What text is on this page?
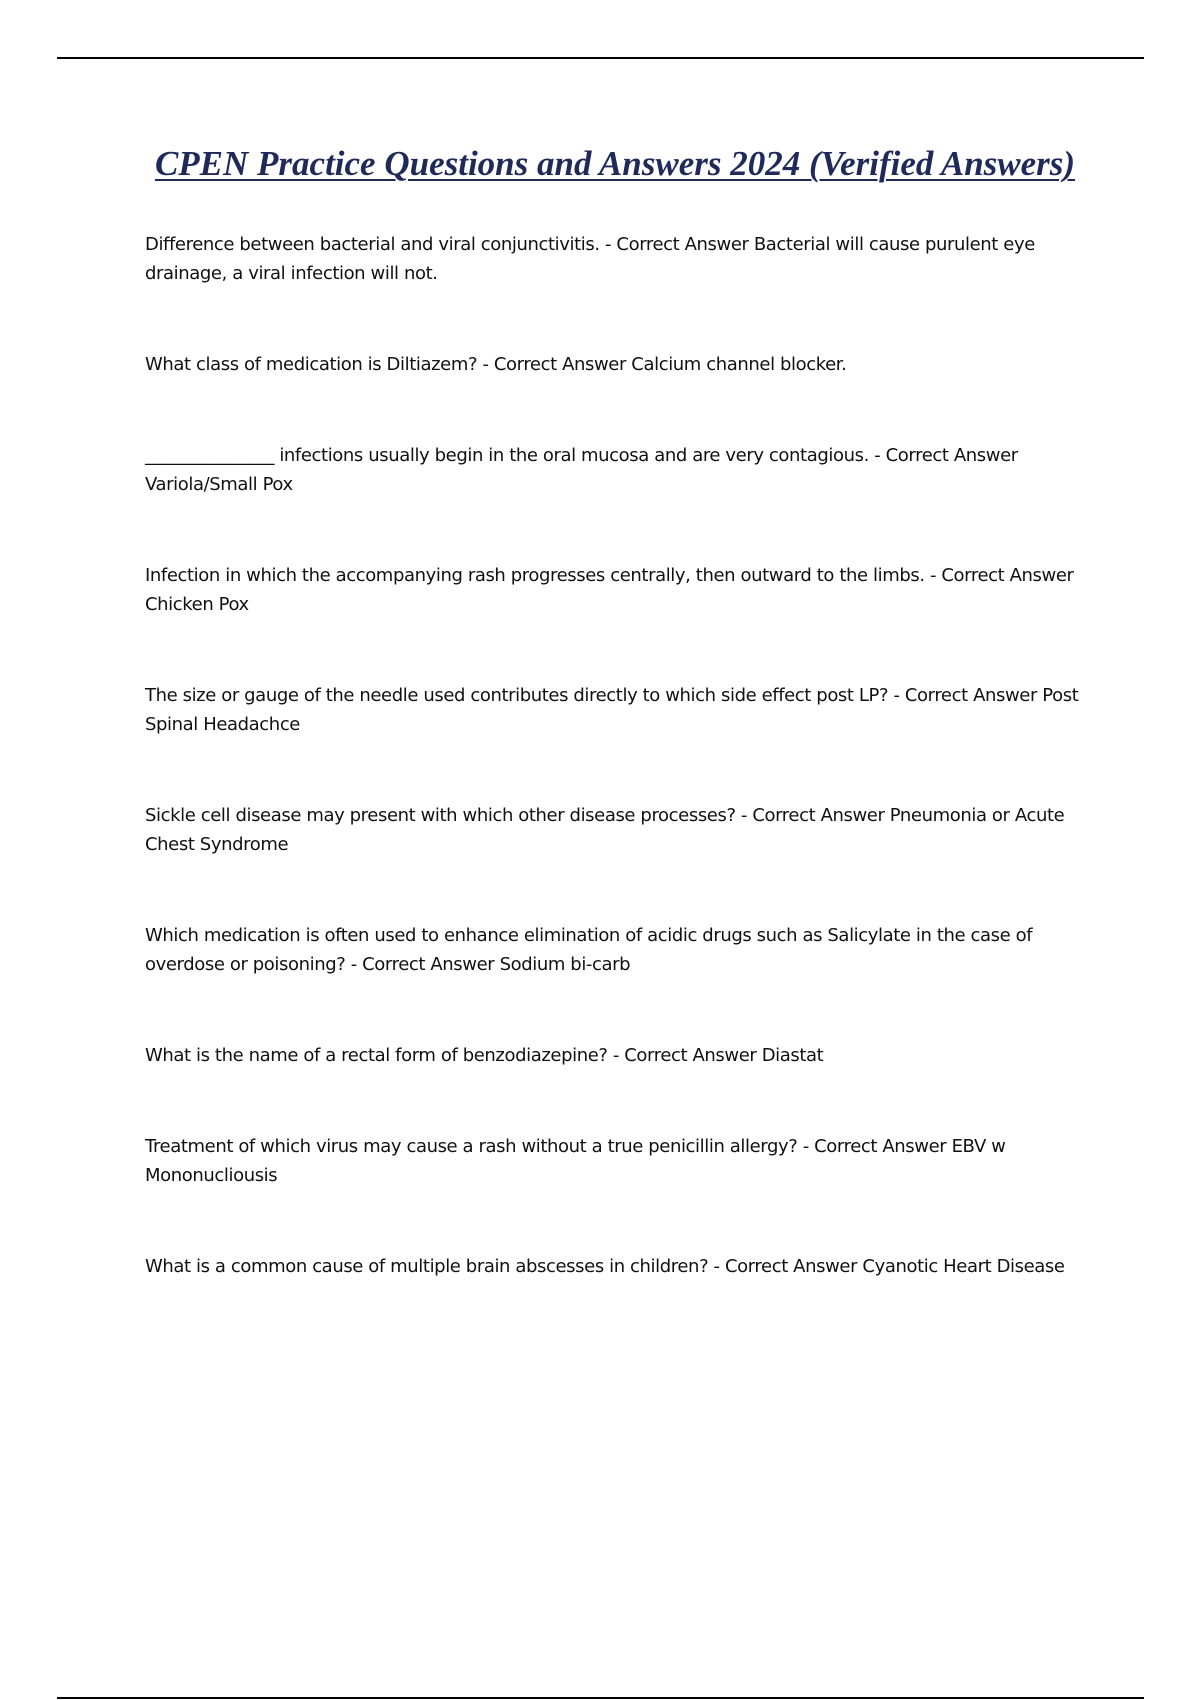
CPEN Practice Questions and Answers 2024 (Verified Answers)
Difference between bacterial and viral conjunctivitis. - Correct Answer Bacterial will cause purulent eye drainage, a viral infection will not.
What class of medication is Diltiazem? - Correct Answer Calcium channel blocker.
_______________ infections usually begin in the oral mucosa and are very contagious. - Correct Answer Variola/Small Pox
Infection in which the accompanying rash progresses centrally, then outward to the limbs. - Correct Answer Chicken Pox
The size or gauge of the needle used contributes directly to which side effect post LP? - Correct Answer Post Spinal Headachce
Sickle cell disease may present with which other disease processes? - Correct Answer Pneumonia or Acute Chest Syndrome
Which medication is often used to enhance elimination of acidic drugs such as Salicylate in the case of overdose or poisoning? - Correct Answer Sodium bi-carb
What is the name of a rectal form of benzodiazepine? - Correct Answer Diastat
Treatment of which virus may cause a rash without a true penicillin allergy? - Correct Answer EBV w Mononucliousis
What is a common cause of multiple brain abscesses in children? - Correct Answer Cyanotic Heart Disease
